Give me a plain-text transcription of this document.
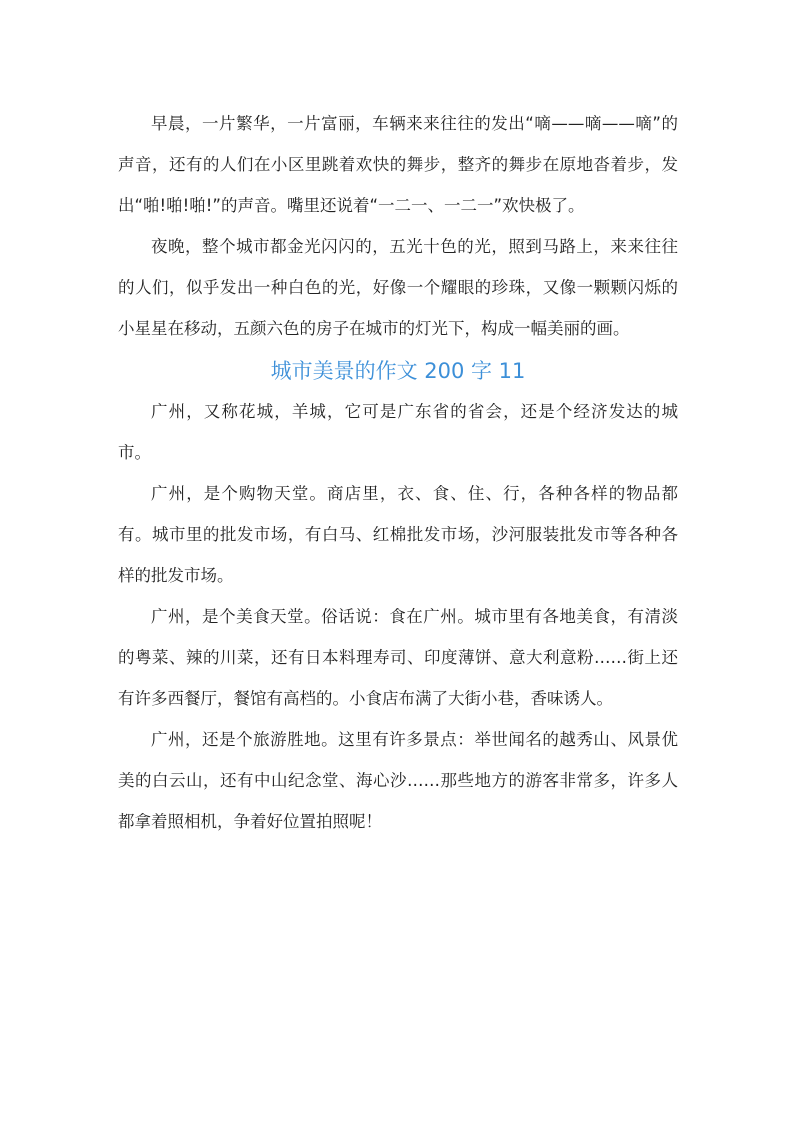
早晨，一片繁华，一片富丽，车辆来来往往的发出“嘀——嘀——嘀”的声音，还有的人们在小区里跳着欢快的舞步，整齐的舞步在原地沓着步，发出“啪!啪!啪!”的声音。嘴里还说着“一二一、一二一”欢快极了。

夜晚，整个城市都金光闪闪的，五光十色的光，照到马路上，来来往往的人们，似乎发出一种白色的光，好像一个耀眼的珍珠，又像一颗颗闪烁的小星星在移动，五颜六色的房子在城市的灯光下，构成一幅美丽的画。

城市美景的作文 200 字 11

广州，又称花城，羊城，它可是广东省的省会，还是个经济发达的城市。

广州，是个购物天堂。商店里，衣、食、住、行，各种各样的物品都有。城市里的批发市场，有白马、红棉批发市场，沙河服装批发市等各种各样的批发市场。

广州，是个美食天堂。俗话说：食在广州。城市里有各地美食，有清淡的粤菜、辣的川菜，还有日本料理寿司、印度薄饼、意大利意粉……街上还有许多西餐厅，餐馆有高档的。小食店布满了大街小巷，香味诱人。

广州，还是个旅游胜地。这里有许多景点：举世闻名的越秀山、风景优美的白云山，还有中山纪念堂、海心沙……那些地方的游客非常多，许多人都拿着照相机，争着好位置拍照呢！
